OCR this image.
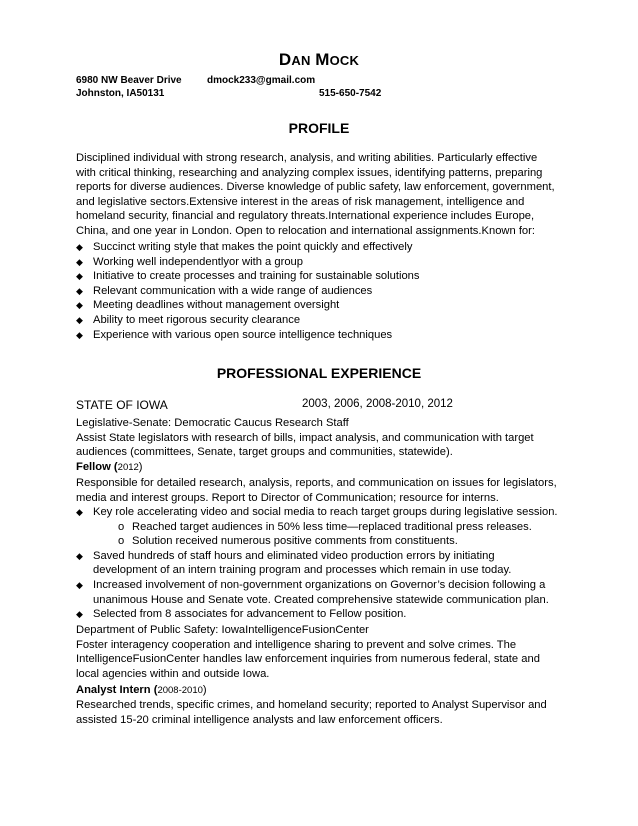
DAN MOCK
6980 NW Beaver Drive	dmock233@gmail.com
Johnston, IA50131	515-650-7542
PROFILE
Disciplined individual with strong research, analysis, and writing abilities. Particularly effective
with critical thinking, researching and analyzing complex issues, identifying patterns, preparing
reports for diverse audiences. Diverse knowledge of public safety, law enforcement, government,
and legislative sectors.Extensive interest in the areas of risk management, intelligence and
homeland security, financial and regulatory threats.International experience includes Europe,
China, and one year in London. Open to relocation and international assignments.Known for:
◆ Succinct writing style that makes the point quickly and effectively
◆ Working well independentlyor with a group
◆ Initiative to create processes and training for sustainable solutions
◆ Relevant communication with a wide range of audiences
◆ Meeting deadlines without management oversight
◆ Ability to meet rigorous security clearance
◆ Experience with various open source intelligence techniques
PROFESSIONAL EXPERIENCE
STATE OF IOWA	2003, 2006, 2008-2010, 2012
Legislative-Senate: Democratic Caucus Research Staff
Assist State legislators with research of bills, impact analysis, and communication with target
audiences (committees, Senate, target groups and communities, statewide).
Fellow (2012)
Responsible for detailed research, analysis, reports, and communication on issues for legislators,
media and interest groups. Report to Director of Communication; resource for interns.
◆ Key role accelerating video and social media to reach target groups during legislative session.
o Reached target audiences in 50% less time—replaced traditional press releases.
o Solution received numerous positive comments from constituents.
◆ Saved hundreds of staff hours and eliminated video production errors by initiating
development of an intern training program and processes which remain in use today.
◆ Increased involvement of non-government organizations on Governor’s decision following a
unanimous House and Senate vote. Created comprehensive statewide communication plan.
◆ Selected from 8 associates for advancement to Fellow position.
Department of Public Safety: IowaIntelligenceFusionCenter
Foster interagency cooperation and intelligence sharing to prevent and solve crimes. The
IntelligenceFusionCenter handles law enforcement inquiries from numerous federal, state and
local agencies within and outside Iowa.
Analyst Intern (2008-2010)
Researched trends, specific crimes, and homeland security; reported to Analyst Supervisor and
assisted 15-20 criminal intelligence analysts and law enforcement officers.
